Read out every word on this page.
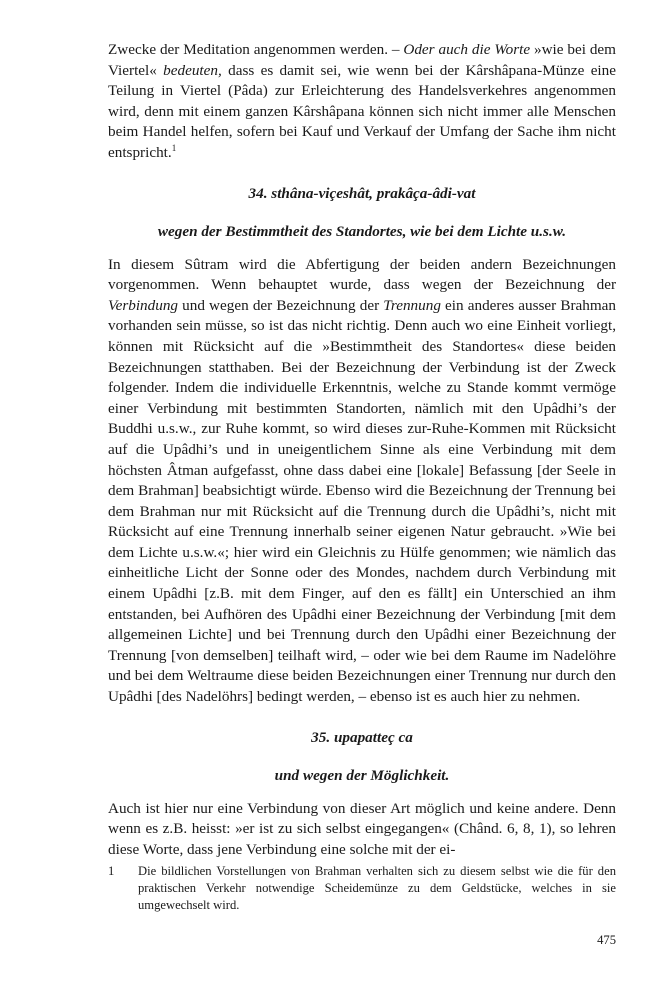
Zwecke der Meditation angenommen werden. – Oder auch die Worte »wie bei dem Viertel« bedeuten, dass es damit sei, wie wenn bei der Kârshâpana-Münze eine Teilung in Viertel (Pâda) zur Erleichterung des Handelsverkehres angenommen wird, denn mit einem ganzen Kârshâpana können sich nicht immer alle Menschen beim Handel helfen, sofern bei Kauf und Verkauf der Umfang der Sache ihm nicht entspricht.$^1$

34. sthâna-viçeshât, prakâça-âdi-vat

wegen der Bestimmtheit des Standortes, wie bei dem Lichte u.s.w.

In diesem Sûtram wird die Abfertigung der beiden andern Bezeichnungen vorgenommen. Wenn behauptet wurde, dass wegen der Bezeichnung der Verbindung und wegen der Bezeichnung der Trennung ein anderes ausser Brahman vorhanden sein müsse, so ist das nicht richtig. Denn auch wo eine Einheit vorliegt, können mit Rücksicht auf die »Bestimmtheit des Standortes« diese beiden Bezeichnungen statthaben. Bei der Bezeichnung der Verbindung ist der Zweck folgender. Indem die individuelle Erkenntnis, welche zu Stande kommt vermöge einer Verbindung mit bestimmten Standorten, nämlich mit den Upâdhi’s der Buddhi u.s.w., zur Ruhe kommt, so wird dieses zur-Ruhe-Kommen mit Rücksicht auf die Upâdhi’s und in uneigentlichem Sinne als eine Verbindung mit dem höchsten Âtman aufgefasst, ohne dass dabei eine [lokale] Befassung [der Seele in dem Brahman] beabsichtigt würde. Ebenso wird die Bezeichnung der Trennung bei dem Brahman nur mit Rücksicht auf die Trennung durch die Upâdhi’s, nicht mit Rücksicht auf eine Trennung innerhalb seiner eigenen Natur gebraucht. »Wie bei dem Lichte u.s.w.«; hier wird ein Gleichnis zu Hülfe genommen; wie nämlich das einheitliche Licht der Sonne oder des Mondes, nachdem durch Verbindung mit einem Upâdhi [z.B. mit dem Finger, auf den es fällt] ein Unterschied an ihm entstanden, bei Aufhören des Upâdhi einer Bezeichnung der Verbindung [mit dem allgemeinen Lichte] und bei Trennung durch den Upâdhi einer Bezeichnung der Trennung [von demselben] teilhaft wird, – oder wie bei dem Raume im Nadelöhre und bei dem Weltraume diese beiden Bezeichnungen einer Trennung nur durch den Upâdhi [des Nadelöhrs] bedingt werden, – ebenso ist es auch hier zu nehmen.

35. upapatteç ca

und wegen der Möglichkeit.

Auch ist hier nur eine Verbindung von dieser Art möglich und keine andere. Denn wenn es z.B. heisst: »er ist zu sich selbst eingegangen« (Chând. 6, 8, 1), so lehren diese Worte, dass jene Verbindung eine solche mit der ei-

1 Die bildlichen Vorstellungen von Brahman verhalten sich zu diesem selbst wie die für den praktischen Verkehr notwendige Scheidemünze zu dem Geldstücke, welches in sie umgewechselt wird.
475
